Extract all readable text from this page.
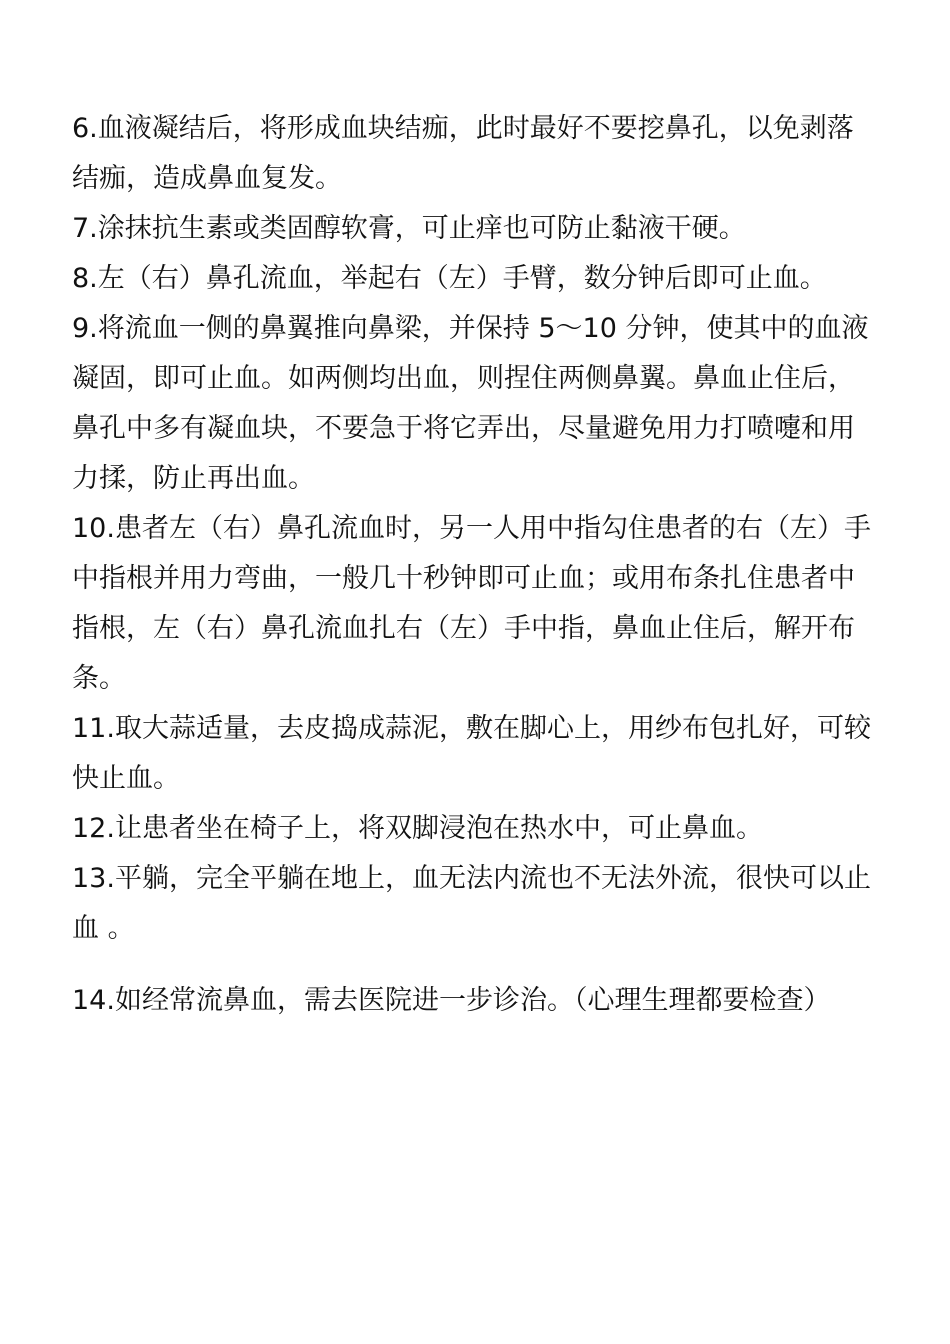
6.血液凝结后，将形成血块结痂，此时最好不要挖鼻孔，以免剥落结痂，造成鼻血复发。

7.涂抹抗生素或类固醇软膏，可止痒也可防止黏液干硬。

8.左（右）鼻孔流血，举起右（左）手臂，数分钟后即可止血。

9.将流血一侧的鼻翼推向鼻梁，并保持 5～10 分钟，使其中的血液凝固，即可止血。如两侧均出血，则捏住两侧鼻翼。鼻血止住后，鼻孔中多有凝血块，不要急于将它弄出，尽量避免用力打喷嚏和用力揉，防止再出血。

10.患者左（右）鼻孔流血时，另一人用中指勾住患者的右（左）手中指根并用力弯曲，一般几十秒钟即可止血；或用布条扎住患者中指根，左（右）鼻孔流血扎右（左）手中指，鼻血止住后，解开布条。

11.取大蒜适量，去皮捣成蒜泥，敷在脚心上，用纱布包扎好，可较快止血。

12.让患者坐在椅子上，将双脚浸泡在热水中，可止鼻血。

13.平躺，完全平躺在地上，血无法内流也不无法外流，很快可以止血 。

14.如经常流鼻血，需去医院进一步诊治。（心理生理都要检查）
